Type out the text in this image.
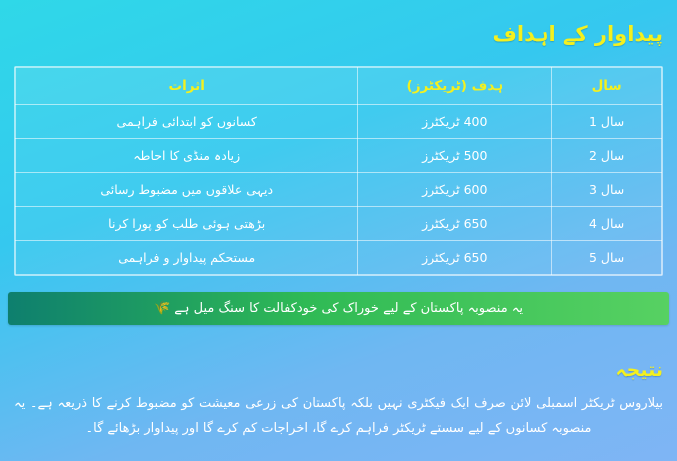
پیداوار کے اہداف
سال	ہدف (ٹریکٹرز)	اثرات
سال 1	400 ٹریکٹرز	کسانوں کو ابتدائی فراہمی
سال 2	500 ٹریکٹرز	زیادہ منڈی کا احاطہ
سال 3	600 ٹریکٹرز	دیہی علاقوں میں مضبوط رسائی
سال 4	650 ٹریکٹرز	بڑھتی ہوئی طلب کو پورا کرنا
سال 5	650 ٹریکٹرز	مستحکم پیداوار و فراہمی
یہ منصوبہ پاکستان کے لیے خوراک کی خودکفالت کا سنگ میل ہے 🌾
نتیجہ
بیلاروس ٹریکٹر اسمبلی لائن صرف ایک فیکٹری نہیں بلکہ پاکستان کی زرعی معیشت کو مضبوط کرنے کا ذریعہ ہے۔ یہ منصوبہ کسانوں کے لیے سستے ٹریکٹر فراہم کرے گا، اخراجات کم کرے گا اور پیداوار بڑھائے گا۔
